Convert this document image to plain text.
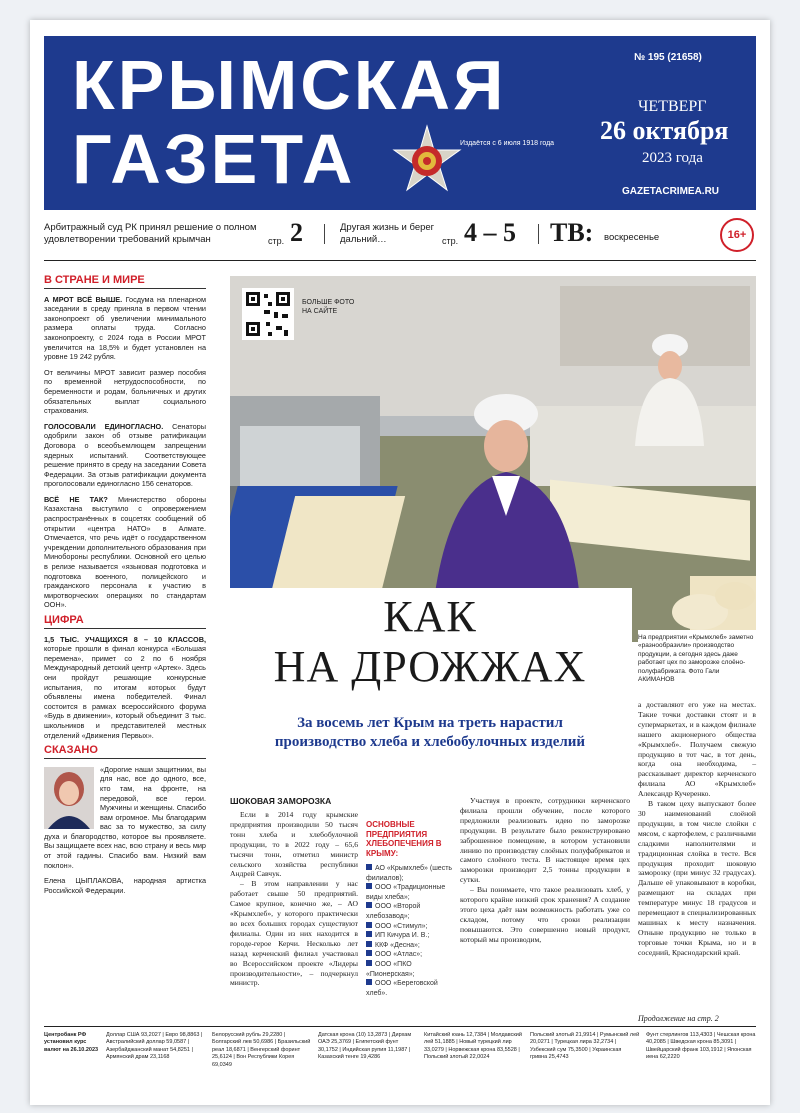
КРЫМСКАЯ
ГАЗЕТА	Издаётся с 6 июля 1918 года
№ 195 (21658)
ЧЕТВЕРГ
26 октября
2023 года
GAZETACRIMEA.RU
Арбитражный суд РК принял решение о полном удовлетворении требований крымчан	стр. 2	Другая жизнь и берег дальний…	стр. 4 – 5 ТВ: воскресенье	16+
В СТРАНЕ И МИРЕ

А МРОТ ВСЁ ВЫШЕ. Госдума на пленарном заседании в среду приняла в первом чтении законопроект об увеличении минимального размера оплаты труда. Согласно законопроекту, с 2024 года в России МРОТ увеличится на 18,5% и будет установлен на уровне 19 242 рубля.

От величины МРОТ зависит размер пособия по временной нетрудоспособности, по беременности и родам, больничных и других обязательных выплат социального страхования.

ГОЛОСОВАЛИ ЕДИНОГЛАСНО. Сенаторы одобрили закон об отзыве ратификации Договора о всеобъемлющем запрещении ядерных испытаний. Соответствующее решение принято в среду на заседании Совета Федерации. За отзыв ратификации документа проголосовали единогласно 156 сенаторов.

ВСЁ НЕ ТАК? Министерство обороны Казахстана выступило с опровержением распространённых в соцсетях сообщений об открытии «центра НАТО» в Алмате. Отмечается, что речь идёт о государственном учреждении дополнительного образования при Минобороны республики. Основной его целью в релизе называется «языковая подготовка и подготовка военного, полицейского и гражданского персонала к участию в миротворческих операциях по стандартам ООН».

ЦИФРА

1,5 ТЫС. УЧАЩИХСЯ 8 – 10 КЛАССОВ, которые прошли в финал конкурса «Большая перемена», примет со 2 по 6 ноября Международный детский центр «Артек». Здесь они пройдут решающие конкурсные испытания, по итогам которых будут объявлены имена победителей. Финал состоится в рамках всероссийского форума «Будь в движении», который объединит 3 тыс. школьников и представителей местных отделений «Движения Первых».

СКАЗАНО

«Дорогие наши защитники, вы для нас, все до одного, все, кто там, на фронте, на передовой, все герои. Мужчины и женщины. Спасибо вам огромное. Мы благодарим вас за то мужество, за силу духа и благородство, которое вы проявляете. Вы защищаете всех нас, всю страну и весь мир от этой гадины. Спасибо вам. Низкий вам поклон».

Елена ЦЫПЛАКОВА, народная артистка Российской Федерации.

БОЛЬШЕ ФОТО НА САЙТЕ
КАК
НА ДРОЖЖАХ
За восемь лет Крым на треть нарастил производство хлеба и хлебобулочных изделий
На предприятии «Крымхлеб» заметно «разнообразили» производство продукции, а сегодня здесь даже работает цех по заморозке слоёно-полуфабриката. Фото Гали АКИМАНОВ
ШОКОВАЯ ЗАМОРОЗКА

Если в 2014 году крымские предприятия производили 50 тысяч тонн хлеба и хлебобулочной продукции, то в 2022 году – 65,6 тысячи тонн, отметил министр сельского хозяйства республики Андрей Савчук.

– В этом направлении у нас работает свыше 50 предприятий. Самое крупное, конечно же, – АО «Крымхлеб», у которого практически во всех больших городах существуют филиалы. Один из них находится в городе-герое Керчи. Несколько лет назад керченский филиал участвовал во Всероссийском проекте «Лидеры производительности», – подчеркнул министр.

ОСНОВНЫЕ ПРЕДПРИЯТИЯ ХЛЕБОПЕЧЕНИЯ В КРЫМУ:
АО «Крымхлеб» (шесть филиалов);
ООО «Традиционные виды хлеба»;
ООО «Второй хлебозавод»;
ООО «Стимул»;
ИП Кичура И. В.;
ККФ «Десна»;
ООО «Атлас»;
ООО «ПКО «Пионерская»;
ООО «Береговской хлеб».

Участвуя в проекте, сотрудники керченского филиала прошли обучение, после которого предложили реализовать идею по заморозке продукции. В результате было реконструировано заброшенное помещение, в котором установили линию по производству слоёных полуфабрикатов и самого слоёного теста. В настоящее время цех заморозки производит 2,5 тонны продукции в сутки.

– Вы понимаете, что такое реализовать хлеб, у которого крайне низкий срок хранения? А создание этого цеха даёт нам возможность работать уже со складом, потому что сроки реализации повышаются. Это совершенно новый продукт, который мы производим,

а доставляют его уже на местах. Такие точки доставки стоят и в супермаркетах, и в каждом филиале нашего акционерного общества «Крымхлеб». Получаем свежую продукцию в тот час, в тот день, когда она необходима, – рассказывает директор керченского филиала АО «Крымхлеб» Александр Кучеренко.

В таком цеху выпускают более 30 наименований слоёной продукции, в том числе слойки с мясом, с картофелем, с различными сладкими наполнителями и традиционная слойка в тесте. Вся продукция проходит шоковую заморозку (при минус 32 градусах). Дальше её упаковывают в коробки, размещают на складах при температуре минус 18 градусов и перемещают в специализированных машинах к месту назначения. Отныне продукцию не только в торговые точки Крыма, но и в соседний, Краснодарский край.

Продолжение на стр. 2
Центробанк РФ установил курс валют на 26.10.2023
Доллар США 93,2027 | Евро 98,8863 | Австралийский доллар 59,0587 | Азербайджанский манат 54,8251 | Армянский драм 23,1168
Белорусский рубль 29,2280 | Болгарский лев 50,6986 | Бразильский реал 18,6871 | Венгерский форинт 25,6124 | Вон Республики Корея 69,0349
Датская крона (10) 13,2873 | Дирхам ОАЭ 25,3769 | Египетский фунт 30,1752 | Индийская рупия 11,1987 | Казахский тенге 19,4286
Китайский юань 12,7384 | Молдавский лей 51,1885 | Новый турецкий лир 33,0279 | Норвежская крона 83,5528 | Польский злотый 22,0024
Польский злотый 21,9914 | Румынский лей 20,0271 | Турецкая лира 32,2734 | Узбекский сум 75,3500 | Украинская гривна 25,4743
Фунт стерлингов 113,4303 | Чешская крона 40,2085 | Шведская крона 85,3091 | Швейцарский франк 103,1912 | Японская иена 62,2220
